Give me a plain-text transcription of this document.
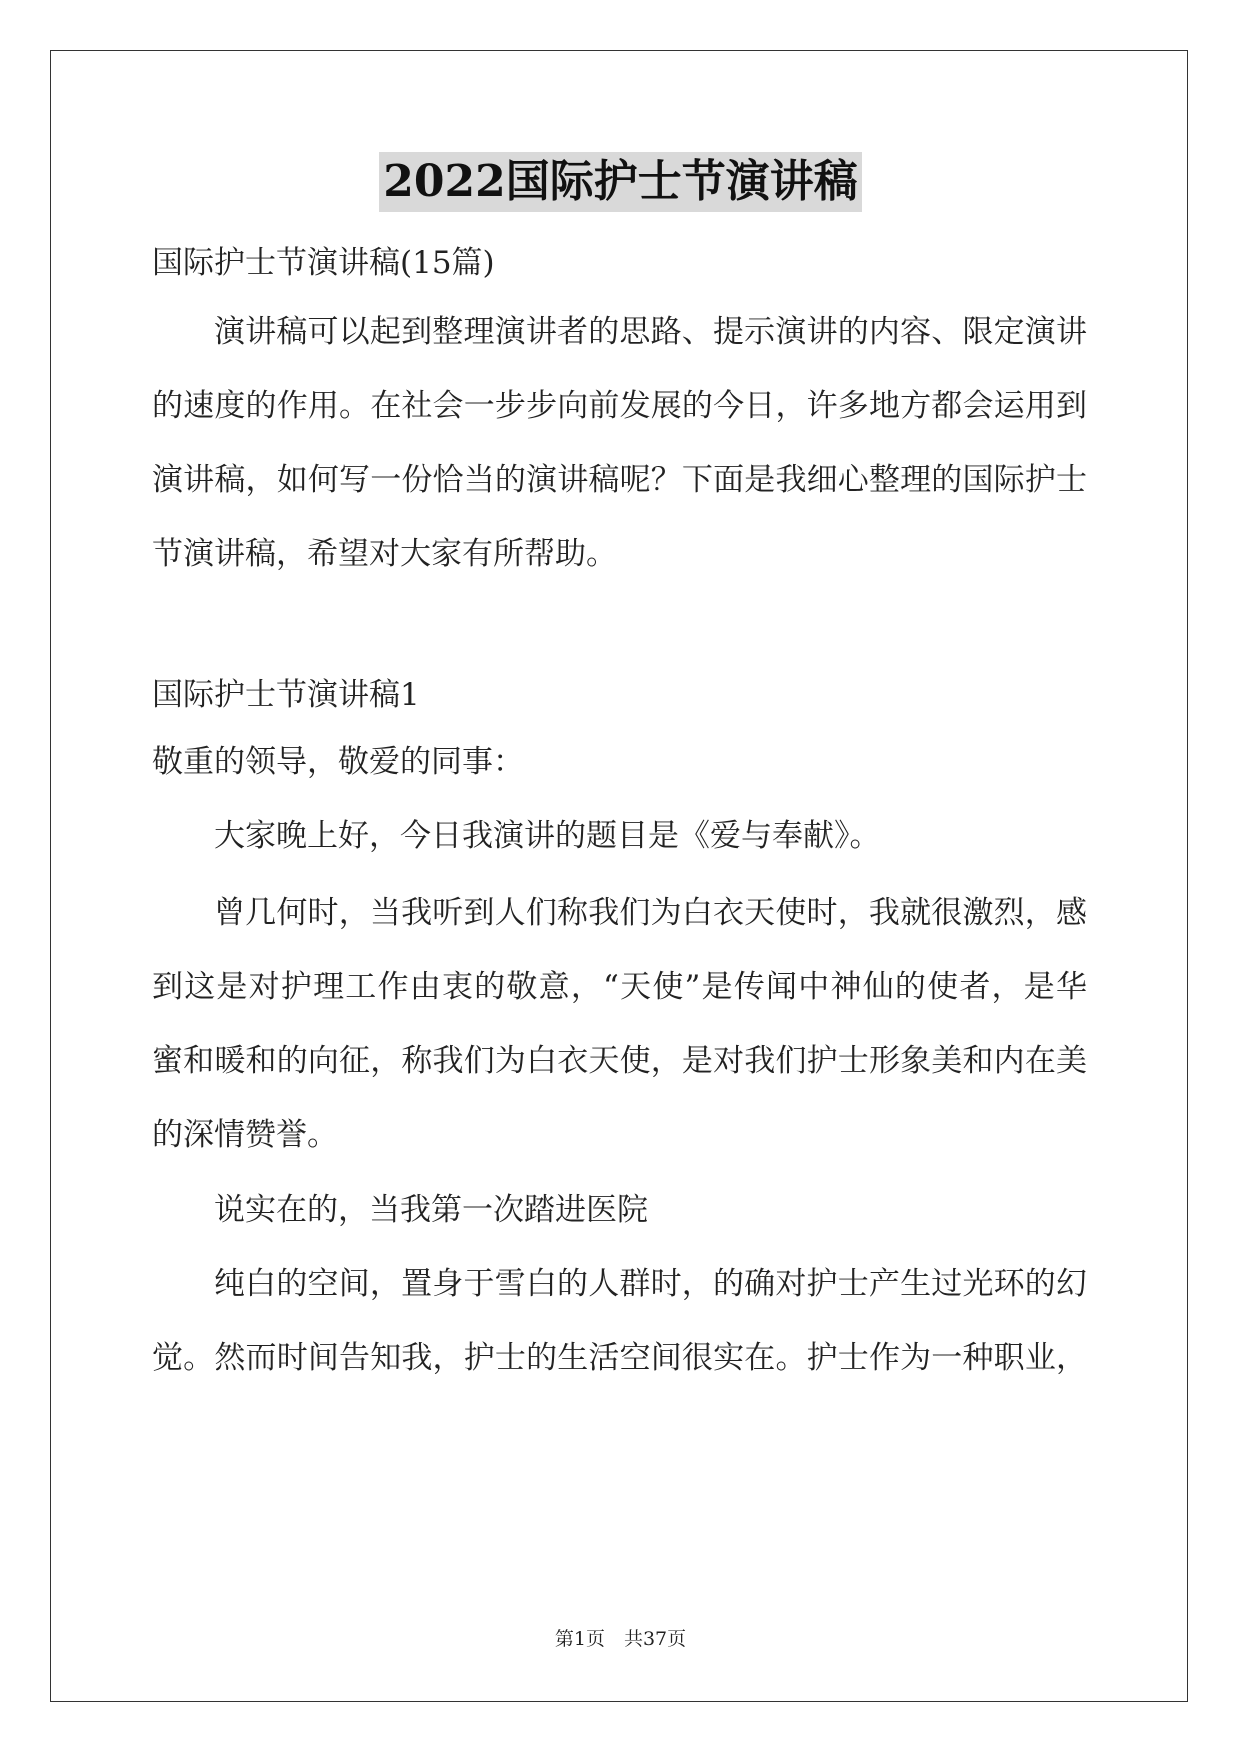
2022国际护士节演讲稿
国际护士节演讲稿(15篇)
演讲稿可以起到整理演讲者的思路、提示演讲的内容、限定演讲
的速度的作用。在社会一步步向前发展的今日，许多地方都会运用到
演讲稿，如何写一份恰当的演讲稿呢？下面是我细心整理的国际护士
节演讲稿，希望对大家有所帮助。
国际护士节演讲稿1
敬重的领导，敬爱的同事：
大家晚上好，今日我演讲的题目是《爱与奉献》。
曾几何时，当我听到人们称我们为白衣天使时，我就很激烈，感
到这是对护理工作由衷的敬意，“天使”是传闻中神仙的使者，是华
蜜和暖和的向征，称我们为白衣天使，是对我们护士形象美和内在美
的深情赞誉。
说实在的，当我第一次踏进医院
纯白的空间，置身于雪白的人群时，的确对护士产生过光环的幻
觉。然而时间告知我，护士的生活空间很实在。护士作为一种职业，
第1页　共37页
